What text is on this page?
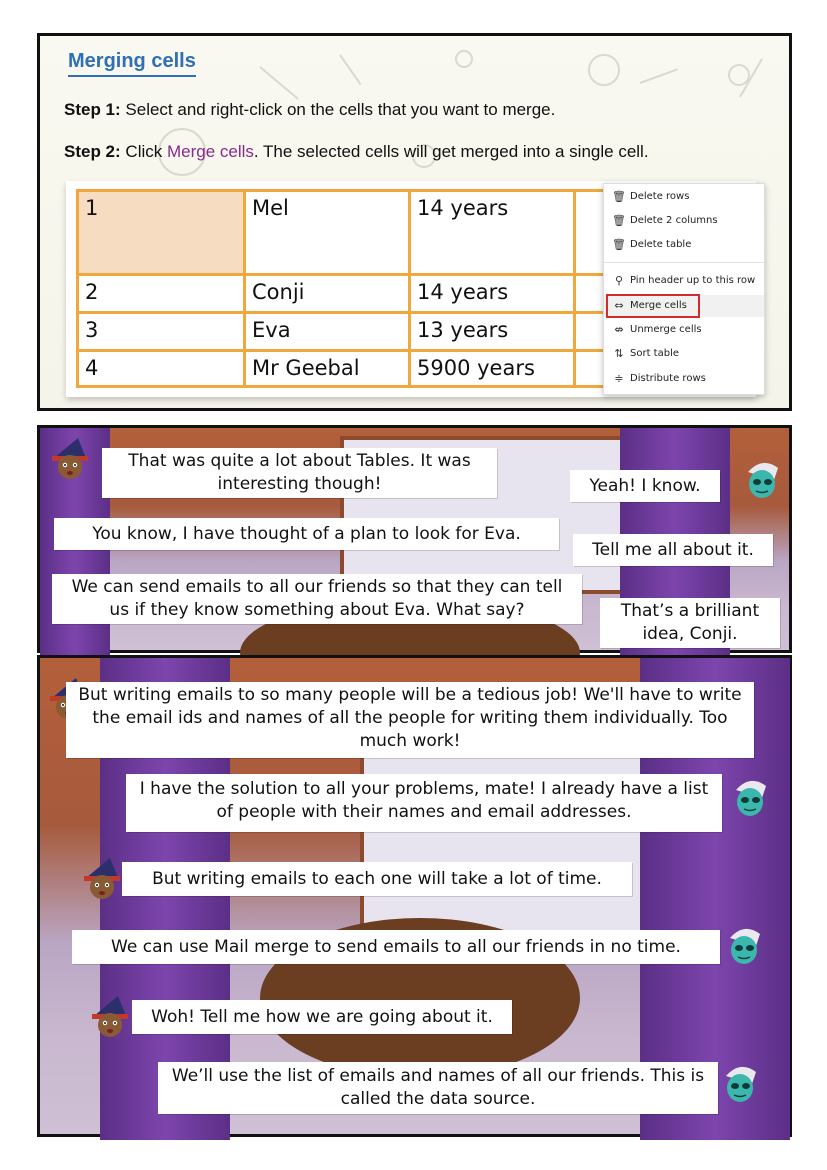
Merging cells
Step 1: Select and right-click on the cells that you want to merge.
Step 2: Click Merge cells. The selected cells will get merged into a single cell.
1	Mel	14 years	
2	Conji	14 years	
3	Eva	13 years	
4	Mr Geebal	5900 years	
🗑 Delete rows
🗑 Delete 2 columns
🗑 Delete table
⚲ Pin header up to this row
⇔ Merge cells
⇎ Unmerge cells
⇅ Sort table
≑ Distribute rows
That was quite a lot about Tables. It was interesting though!	Yeah! I know.
You know, I have thought of a plan to look for Eva.
Tell me all about it.
We can send emails to all our friends so that they can tell us if they know something about Eva. What say?	That’s a brilliant idea, Conji.
But writing emails to so many people will be a tedious job! We'll have to write the email ids and names of all the people for writing them individually. Too much work!
I have the solution to all your problems, mate! I already have a list of people with their names and email addresses.
But writing emails to each one will take a lot of time.
We can use Mail merge to send emails to all our friends in no time.
Woh! Tell me how we are going about it.
We’ll use the list of emails and names of all our friends. This is called the data source.
